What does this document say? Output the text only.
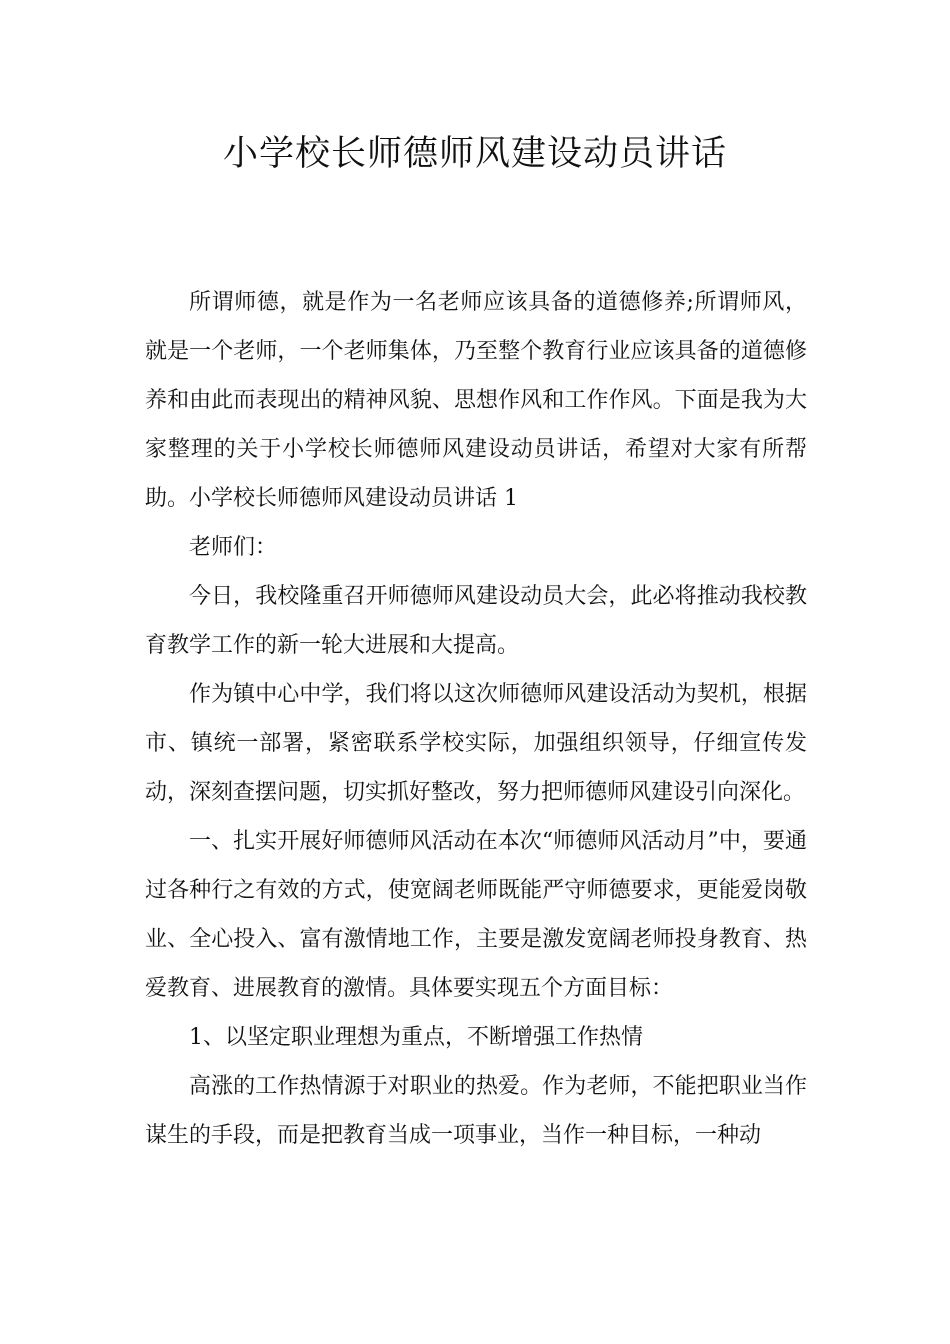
小学校长师德师风建设动员讲话

所谓师德，就是作为一名老师应该具备的道德修养;所谓师风，就是一个老师，一个老师集体，乃至整个教育行业应该具备的道德修养和由此而表现出的精神风貌、思想作风和工作作风。下面是我为大家整理的关于小学校长师德师风建设动员讲话，希望对大家有所帮助。小学校长师德师风建设动员讲话 1

老师们：

今日，我校隆重召开师德师风建设动员大会，此必将推动我校教育教学工作的新一轮大进展和大提高。

作为镇中心中学，我们将以这次师德师风建设活动为契机，根据市、镇统一部署，紧密联系学校实际，加强组织领导，仔细宣传发动，深刻查摆问题，切实抓好整改，努力把师德师风建设引向深化。

一、扎实开展好师德师风活动在本次“师德师风活动月”中，要通过各种行之有效的方式，使宽阔老师既能严守师德要求，更能爱岗敬业、全心投入、富有激情地工作，主要是激发宽阔老师投身教育、热爱教育、进展教育的激情。具体要实现五个方面目标：

1、以坚定职业理想为重点，不断增强工作热情

高涨的工作热情源于对职业的热爱。作为老师，不能把职业当作谋生的手段，而是把教育当成一项事业，当作一种目标，一种动
